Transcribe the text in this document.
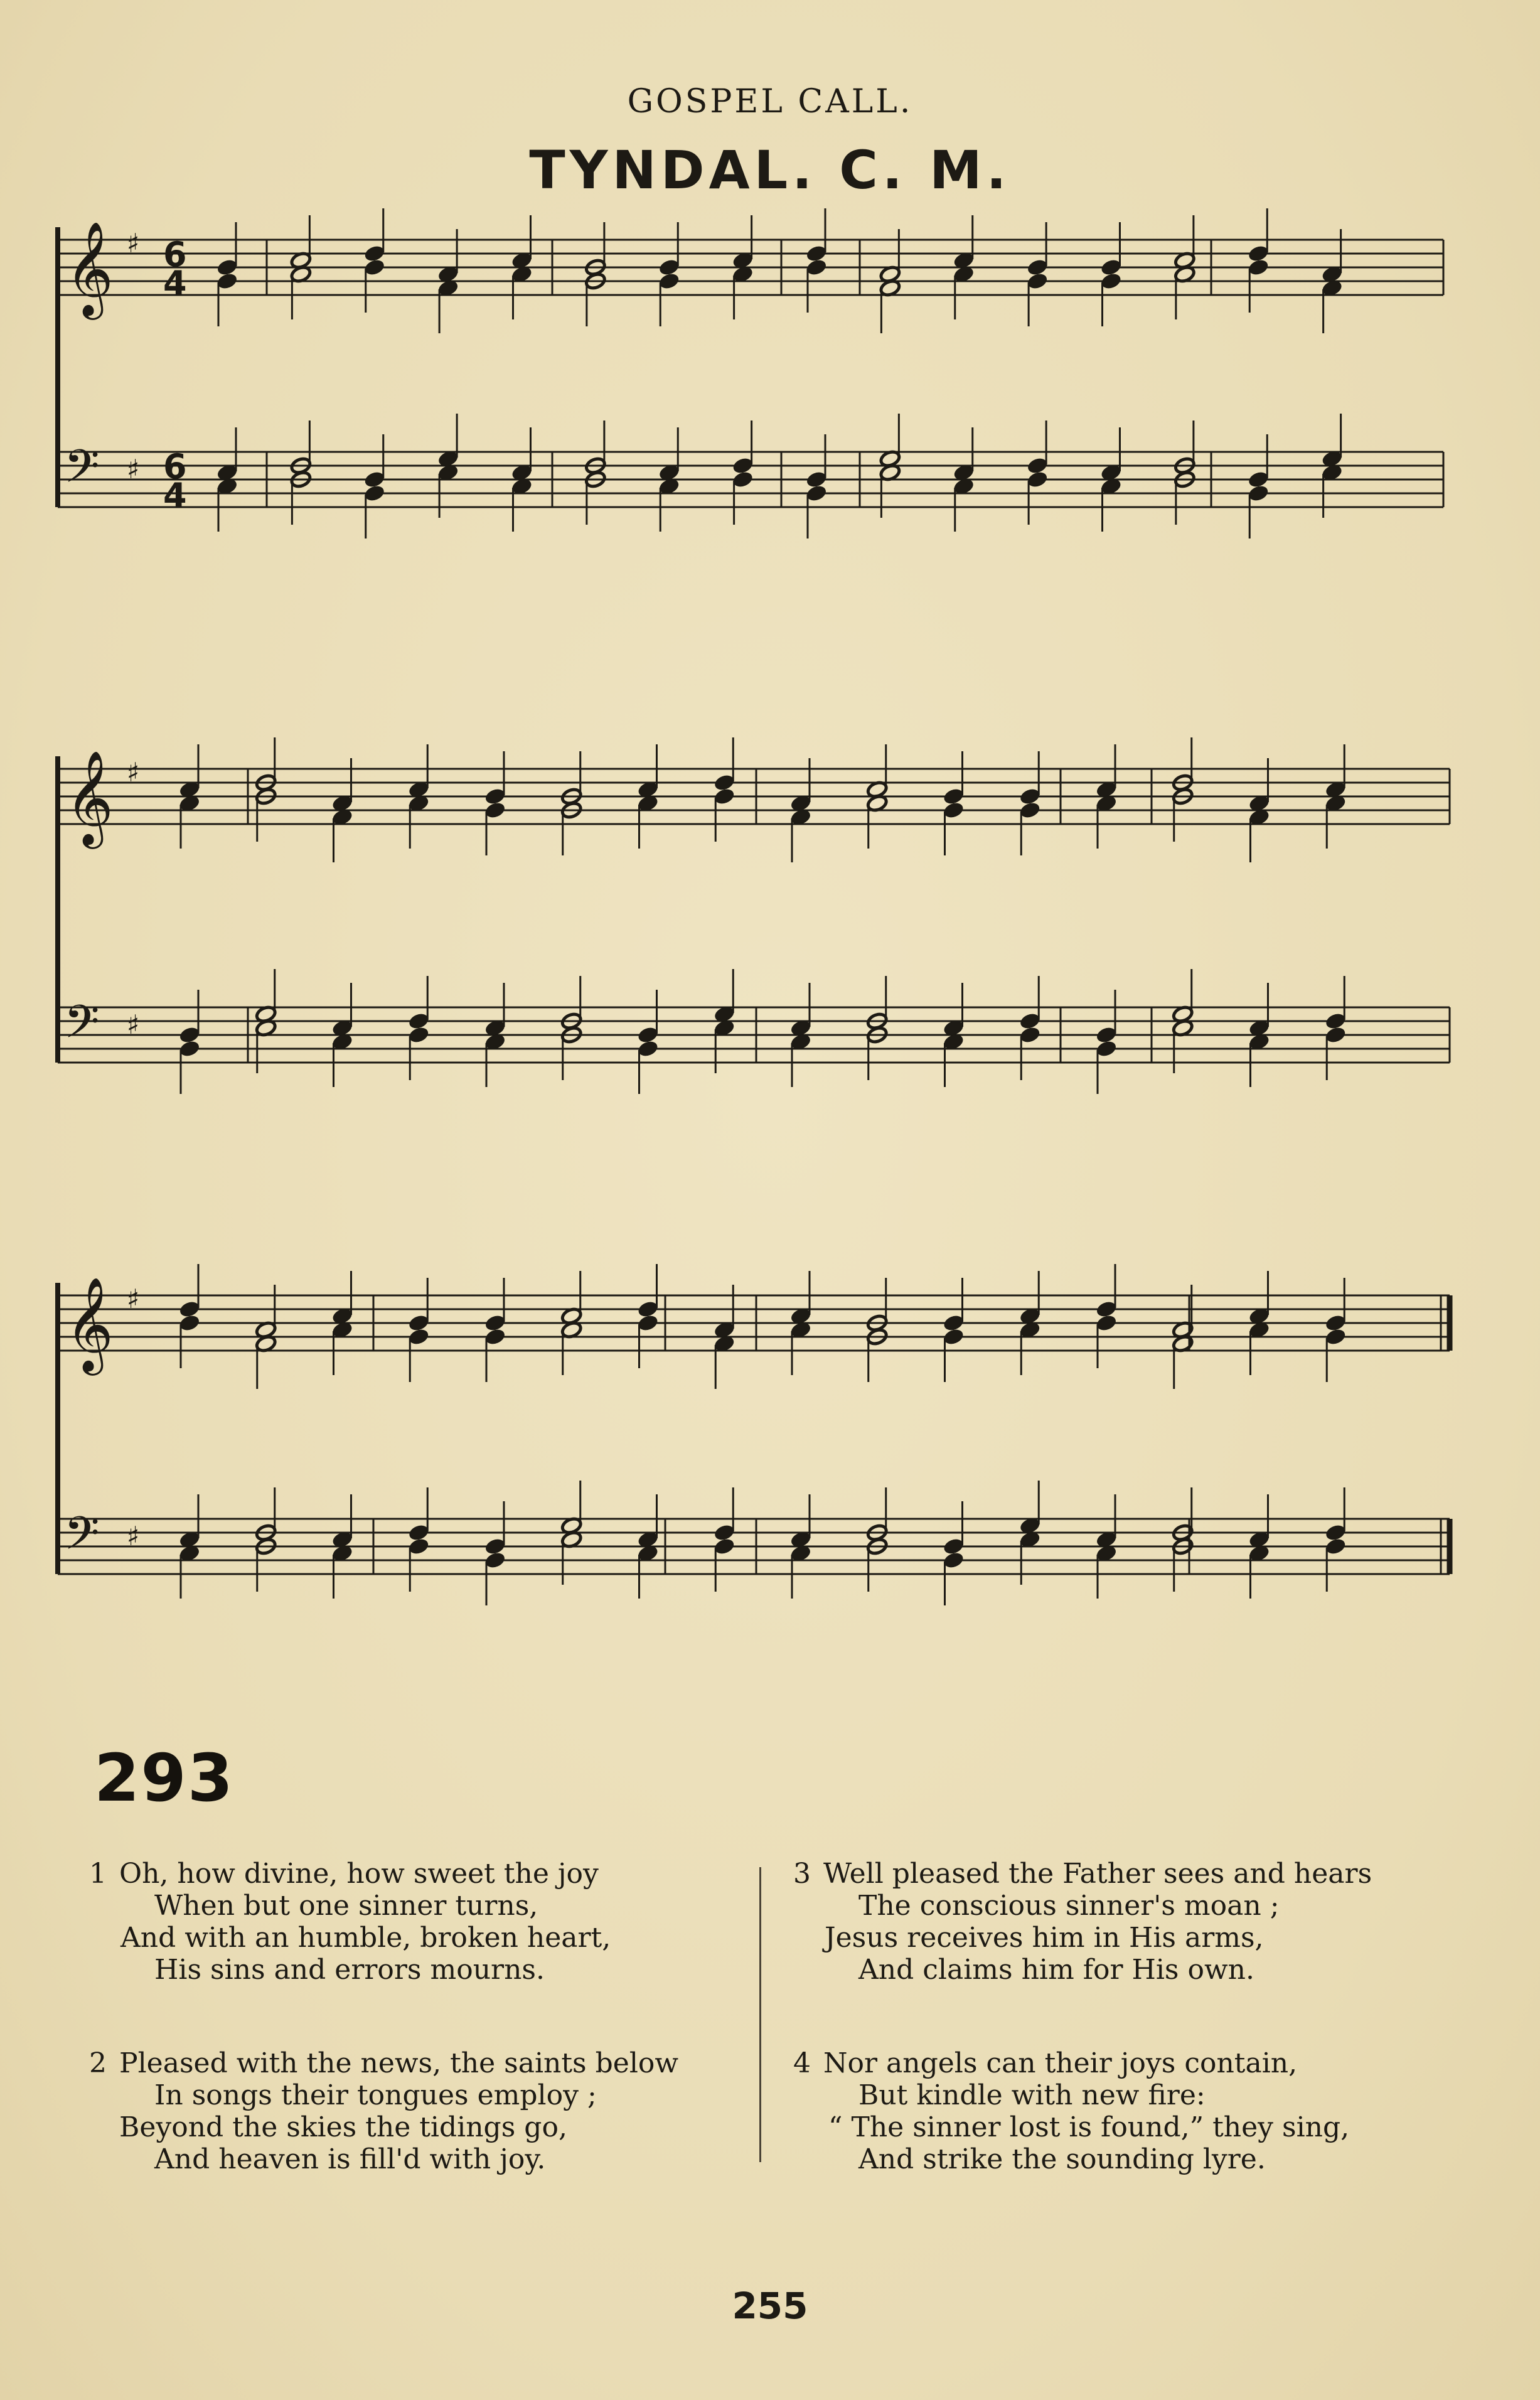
GOSPEL CALL.
TYNDAL. C. M.
𝄞
𝄢
♯
♯
6
4
6
4
𝄞
𝄢
♯
♯
𝄞
𝄢
♯
♯
293
1 Oh, how divine, how sweet the joy
When but one sinner turns,
And with an humble, broken heart,
His sins and errors mourns.
2 Pleased with the news, the saints below
In songs their tongues employ ;
Beyond the skies the tidings go,
And heaven is fill'd with joy.
3 Well pleased the Father sees and hears
The conscious sinner's moan ;
Jesus receives him in His arms,
And claims him for His own.
4 Nor angels can their joys contain,
But kindle with new fire:
“ The sinner lost is found,” they sing,
And strike the sounding lyre.
255
